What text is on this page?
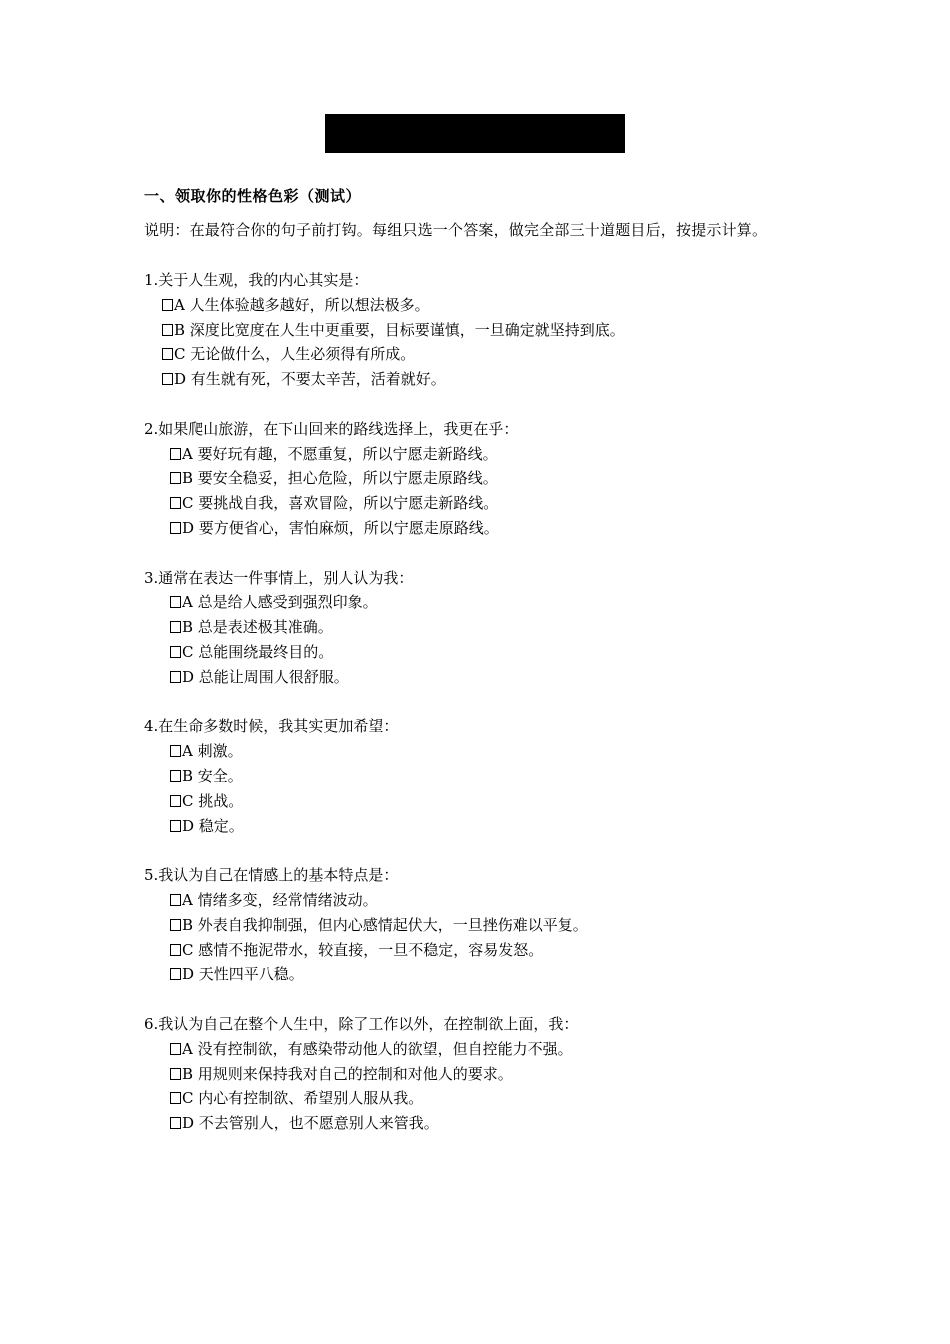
一、领取你的性格色彩（测试）
说明：在最符合你的句子前打钩。每组只选一个答案，做完全部三十道题目后，按提示计算。
1.关于人生观，我的内心其实是：
A 人生体验越多越好，所以想法极多。
B 深度比宽度在人生中更重要，目标要谨慎，一旦确定就坚持到底。
C 无论做什么，人生必须得有所成。
D 有生就有死，不要太辛苦，活着就好。
2.如果爬山旅游，在下山回来的路线选择上，我更在乎：
A 要好玩有趣，不愿重复，所以宁愿走新路线。
B 要安全稳妥，担心危险，所以宁愿走原路线。
C 要挑战自我，喜欢冒险，所以宁愿走新路线。
D 要方便省心，害怕麻烦，所以宁愿走原路线。
3.通常在表达一件事情上，别人认为我：
A 总是给人感受到强烈印象。
B 总是表述极其准确。
C 总能围绕最终目的。
D 总能让周围人很舒服。
4.在生命多数时候，我其实更加希望：
A 刺激。
B 安全。
C 挑战。
D 稳定。
5.我认为自己在情感上的基本特点是：
A 情绪多变，经常情绪波动。
B 外表自我抑制强，但内心感情起伏大，一旦挫伤难以平复。
C 感情不拖泥带水，较直接，一旦不稳定，容易发怒。
D 天性四平八稳。
6.我认为自己在整个人生中，除了工作以外，在控制欲上面，我：
A 没有控制欲，有感染带动他人的欲望，但自控能力不强。
B 用规则来保持我对自己的控制和对他人的要求。
C 内心有控制欲、希望别人服从我。
D 不去管别人，也不愿意别人来管我。
